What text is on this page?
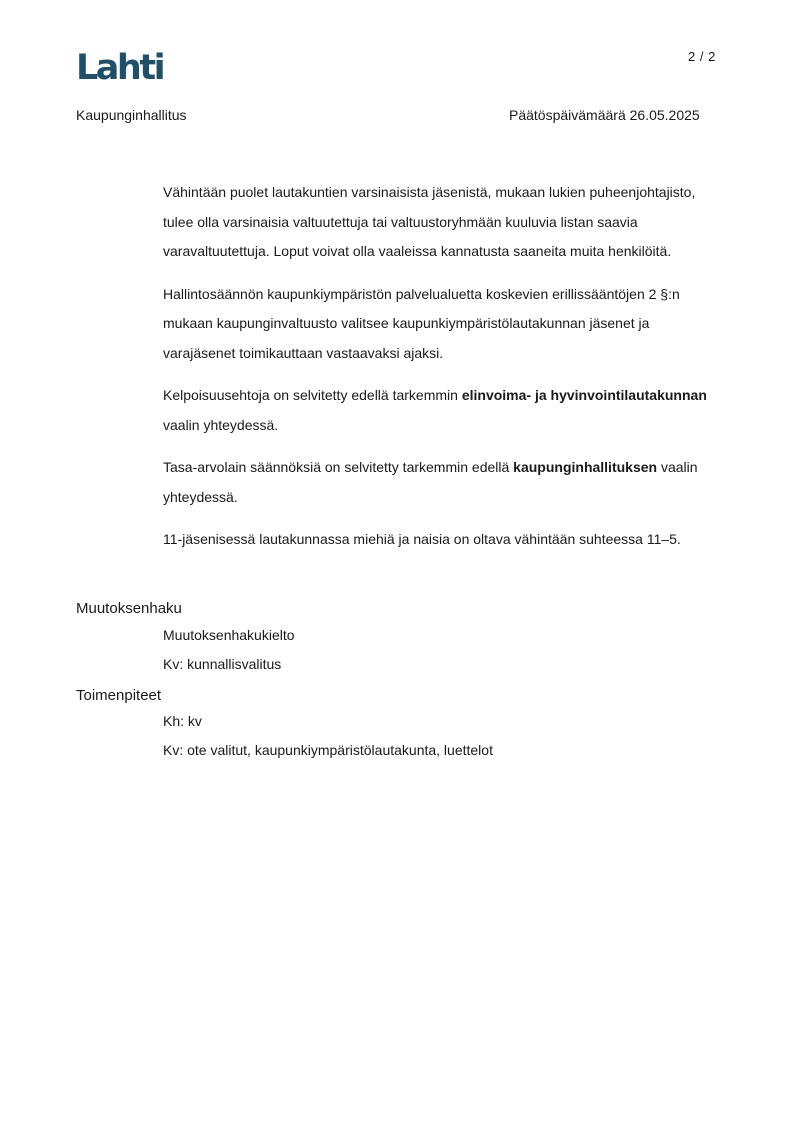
Lahti	2 / 2
Kaupunginhallitus	Päätöspäivämäärä 26.05.2025

Vähintään puolet lautakuntien varsinaisista jäsenistä, mukaan lukien puheenjohtajisto, tulee olla varsinaisia valtuutettuja tai valtuustoryhmään kuuluvia listan saavia varavaltuutettuja. Loput voivat olla vaaleissa kannatusta saaneita muita henkilöitä.

Hallintosäännön kaupunkiympäristön palvelualuetta koskevien erillissääntöjen 2 §:n mukaan kaupunginvaltuusto valitsee kaupunkiympäristölautakunnan jäsenet ja varajäsenet toimikauttaan vastaavaksi ajaksi.

Kelpoisuusehtoja on selvitetty edellä tarkemmin elinvoima- ja hyvinvointilautakunnan vaalin yhteydessä.

Tasa-arvolain säännöksiä on selvitetty tarkemmin edellä kaupunginhallituksen vaalin yhteydessä.

11-jäsenisessä lautakunnassa miehiä ja naisia on oltava vähintään suhteessa 11–5.

Muutoksenhaku
Muutoksenhakukielto
Kv: kunnallisvalitus
Toimenpiteet
Kh: kv
Kv: ote valitut, kaupunkiympäristölautakunta, luettelot
